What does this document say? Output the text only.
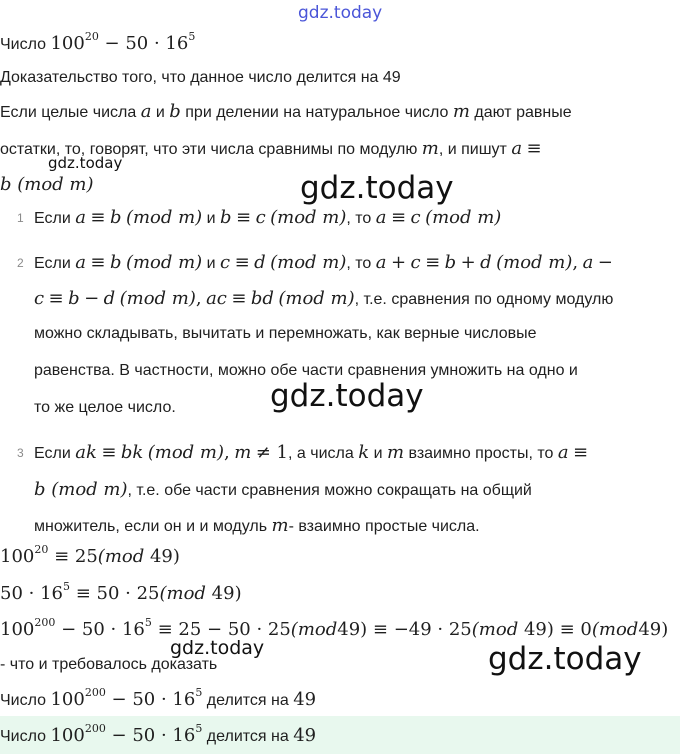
gdz.today
gdz.today
gdz.today
gdz.today
gdz.today	gdz.today
Число $100^{20} - 50 \cdot 16^5$
Доказательство того, что данное число делится на 49
Если целые числа a и b при делении на натуральное число m дают равные
остатки, то, говорят, что эти числа сравнимы по модулю m, и пишут a ≡
b (mod m)
1 Если a ≡ b (mod m) и b ≡ c (mod m), то a ≡ c (mod m)
2 Если a ≡ b (mod m) и c ≡ d (mod m), то a + c ≡ b + d (mod m), a −
c ≡ b − d (mod m), ac ≡ bd (mod m), т.е. сравнения по одному модулю
можно складывать, вычитать и перемножать, как верные числовые
равенства. В частности, можно обе части сравнения умножить на одно и
то же целое число.
3 Если ak ≡ bk (mod m), m ≠ 1, а числа k и m взаимно просты, то a ≡
b (mod m), т.е. обе части сравнения можно сокращать на общий
множитель, если он и и модуль m- взаимно простые числа.
$100^{20} \equiv 25(mod$ 49)
$50 \cdot 16^5 \equiv 50 \cdot 25(mod$ 49)
$100^{200} - 50 \cdot 16^5 \equiv 25 - 50 \cdot 25(mod49) \equiv -49 \cdot 25(mod$ 49) ≡ 0(mod49)
- что и требовалось доказать
Число $100^{200} - 50 \cdot 16^5$ делится на 49
Число $100^{200} - 50 \cdot 16^5$ делится на 49
